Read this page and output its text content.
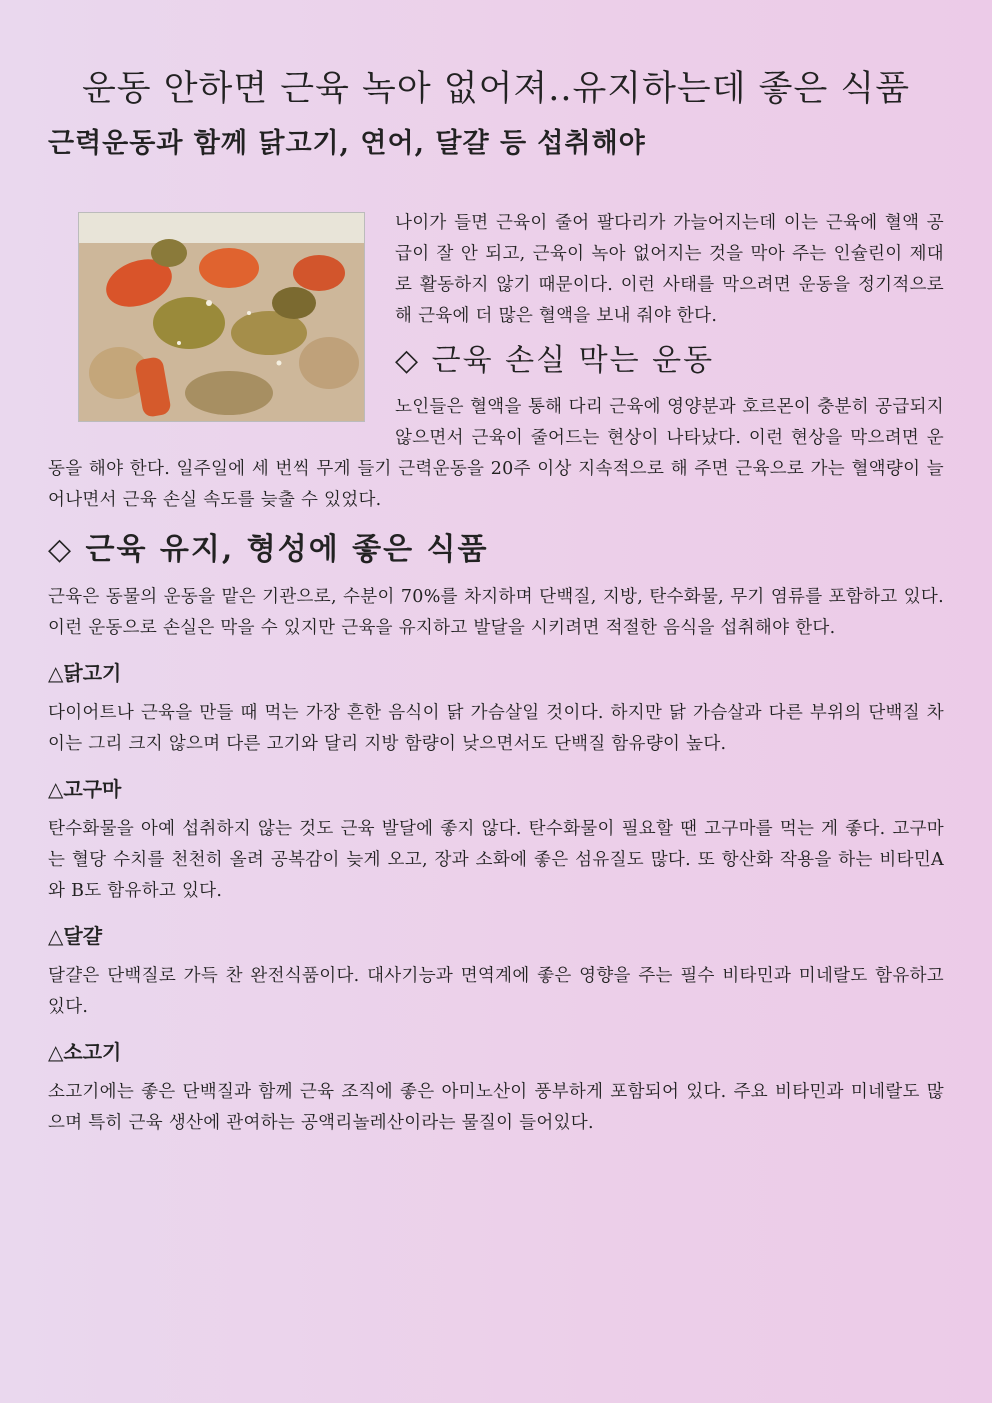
운동 안하면 근육 녹아 없어져..유지하는데 좋은 식품
근력운동과 함께 닭고기, 연어, 달걀 등 섭취해야

나이가 들면 근육이 줄어 팔다리가 가늘어지는데 이는 근육에 혈액 공급이 잘 안 되고, 근육이 녹아 없어지는 것을 막아 주는 인슐린이 제대로 활동하지 않기 때문이다. 이런 사태를 막으려면 운동을 정기적으로 해 근육에 더 많은 혈액을 보내 줘야 한다.

◇ 근육 손실 막는 운동

노인들은 혈액을 통해 다리 근육에 영양분과 호르몬이 충분히 공급되지 않으면서 근육이 줄어드는 현상이 나타났다. 이런 현상을 막으려면 운동을 해야 한다. 일주일에 세 번씩 무게 들기 근력운동을 20주 이상 지속적으로 해 주면 근육으로 가는 혈액량이 늘어나면서 근육 손실 속도를 늦출 수 있었다.

◇ 근육 유지, 형성에 좋은 식품

근육은 동물의 운동을 맡은 기관으로, 수분이 70%를 차지하며 단백질, 지방, 탄수화물, 무기 염류를 포함하고 있다. 이런 운동으로 손실은 막을 수 있지만 근육을 유지하고 발달을 시키려면 적절한 음식을 섭취해야 한다.

△닭고기

다이어트나 근육을 만들 때 먹는 가장 흔한 음식이 닭 가슴살일 것이다. 하지만 닭 가슴살과 다른 부위의 단백질 차이는 그리 크지 않으며 다른 고기와 달리 지방 함량이 낮으면서도 단백질 함유량이 높다.

△고구마

탄수화물을 아예 섭취하지 않는 것도 근육 발달에 좋지 않다. 탄수화물이 필요할 땐 고구마를 먹는 게 좋다. 고구마는 혈당 수치를 천천히 올려 공복감이 늦게 오고, 장과 소화에 좋은 섬유질도 많다. 또 항산화 작용을 하는 비타민A와 B도 함유하고 있다.

△달걀

달걀은 단백질로 가득 찬 완전식품이다. 대사기능과 면역계에 좋은 영향을 주는 필수 비타민과 미네랄도 함유하고 있다.

△소고기

소고기에는 좋은 단백질과 함께 근육 조직에 좋은 아미노산이 풍부하게 포함되어 있다. 주요 비타민과 미네랄도 많으며 특히 근육 생산에 관여하는 공액리놀레산이라는 물질이 들어있다.
